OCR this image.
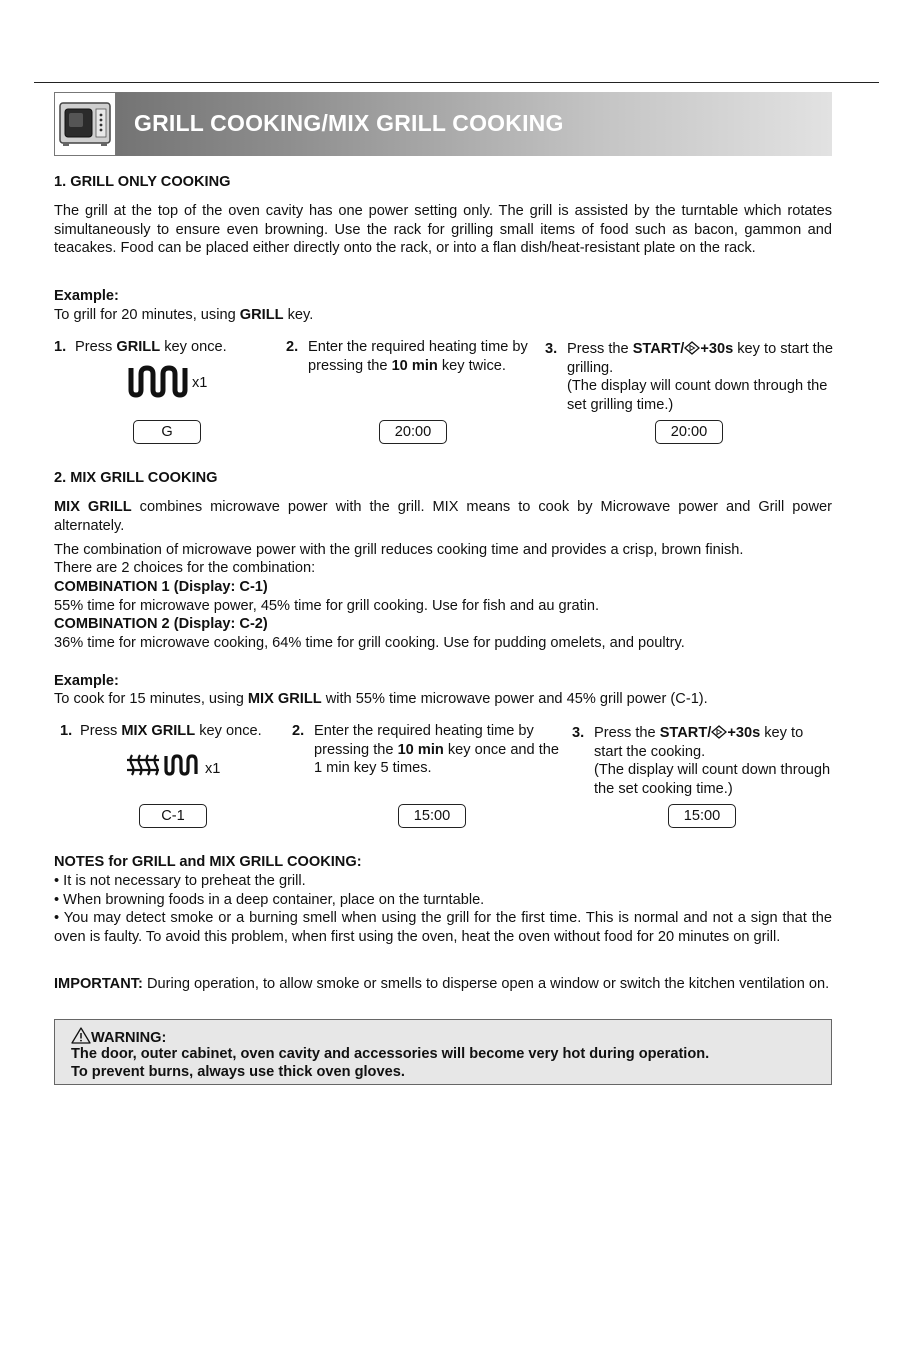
GRILL COOKING/MIX GRILL COOKING
1. GRILL ONLY COOKING

The grill at the top of the oven cavity has one power setting only. The grill is assisted by the turntable which rotates simultaneously to ensure even browning. Use the rack for grilling small items of food such as bacon, gammon and teacakes. Food can be placed either directly onto the rack, or into a flan dish/heat-resistant plate on the rack.

Example:
To grill for 20 minutes, using GRILL key.
1. Press GRILL key once.
x1
G
2. Enter the required heating time by pressing the 10 min key twice.
20:00
3. Press the START/ +30s key to start the grilling.
(The display will count down through the set grilling time.)
20:00
2. MIX GRILL COOKING

MIX GRILL combines microwave power with the grill. MIX means to cook by Microwave power and Grill power alternately.

The combination of microwave power with the grill reduces cooking time and provides a crisp, brown finish.

There are 2 choices for the combination:

COMBINATION 1 (Display: C-1)

55% time for microwave power, 45% time for grill cooking. Use for fish and au gratin.

COMBINATION 2 (Display: C-2)

36% time for microwave cooking, 64% time for grill cooking. Use for pudding omelets, and poultry.

Example:
To cook for 15 minutes, using MIX GRILL with 55% time microwave power and 45% grill power (C-1).
1. Press MIX GRILL key once.
x1
C-1
2. Enter the required heating time by pressing the 10 min key once and the 1 min key 5 times.
15:00
3. Press the START/ +30s key to start the cooking.
(The display will count down through the set cooking time.)
15:00
NOTES for GRILL and MIX GRILL COOKING:

• It is not necessary to preheat the grill.

• When browning foods in a deep container, place on the turntable.

• You may detect smoke or a burning smell when using the grill for the first time. This is normal and not a sign that the oven is faulty. To avoid this problem, when first using the oven, heat the oven without food for 20 minutes on grill.

IMPORTANT: During operation, to allow smoke or smells to disperse open a window or switch the kitchen ventilation on.

WARNING:
The door, outer cabinet, oven cavity and accessories will become very hot during operation.
To prevent burns, always use thick oven gloves.
